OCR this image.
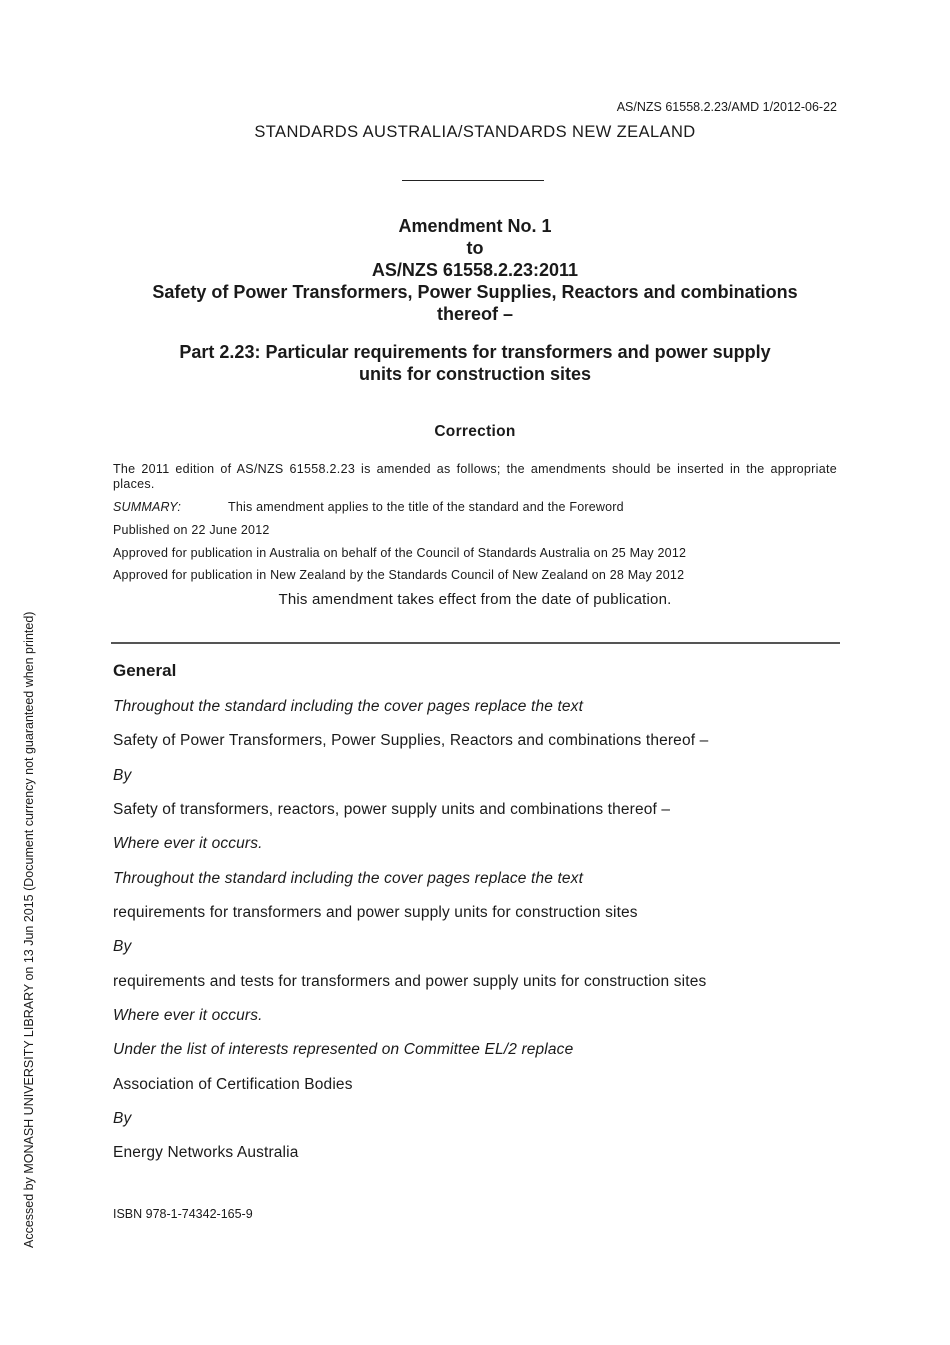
AS/NZS 61558.2.23/AMD 1/2012-06-22
STANDARDS AUSTRALIA/STANDARDS NEW ZEALAND
Amendment No. 1
to
AS/NZS 61558.2.23:2011
Safety of Power Transformers, Power Supplies, Reactors and combinations
thereof –
Part 2.23: Particular requirements for transformers and power supply
units for construction sites
Correction
The 2011 edition of AS/NZS 61558.2.23 is amended as follows; the amendments should be inserted in the appropriate places.
SUMMARY:	This amendment applies to the title of the standard and the Foreword
Published on 22 June 2012
Approved for publication in Australia on behalf of the Council of Standards Australia on 25 May 2012
Approved for publication in New Zealand by the Standards Council of New Zealand on 28 May 2012
This amendment takes effect from the date of publication.
General
Throughout the standard including the cover pages replace the text
Safety of Power Transformers, Power Supplies, Reactors and combinations thereof –
By
Safety of transformers, reactors, power supply units and combinations thereof –
Where ever it occurs.
Throughout the standard including the cover pages replace the text
requirements for transformers and power supply units for construction sites
By
requirements and tests for transformers and power supply units for construction sites
Where ever it occurs.
Under the list of interests represented on Committee EL/2 replace
Association of Certification Bodies
By
Energy Networks Australia
ISBN 978-1-74342-165-9
Accessed by MONASH UNIVERSITY LIBRARY on 13 Jun 2015 (Document currency not guaranteed when printed)
